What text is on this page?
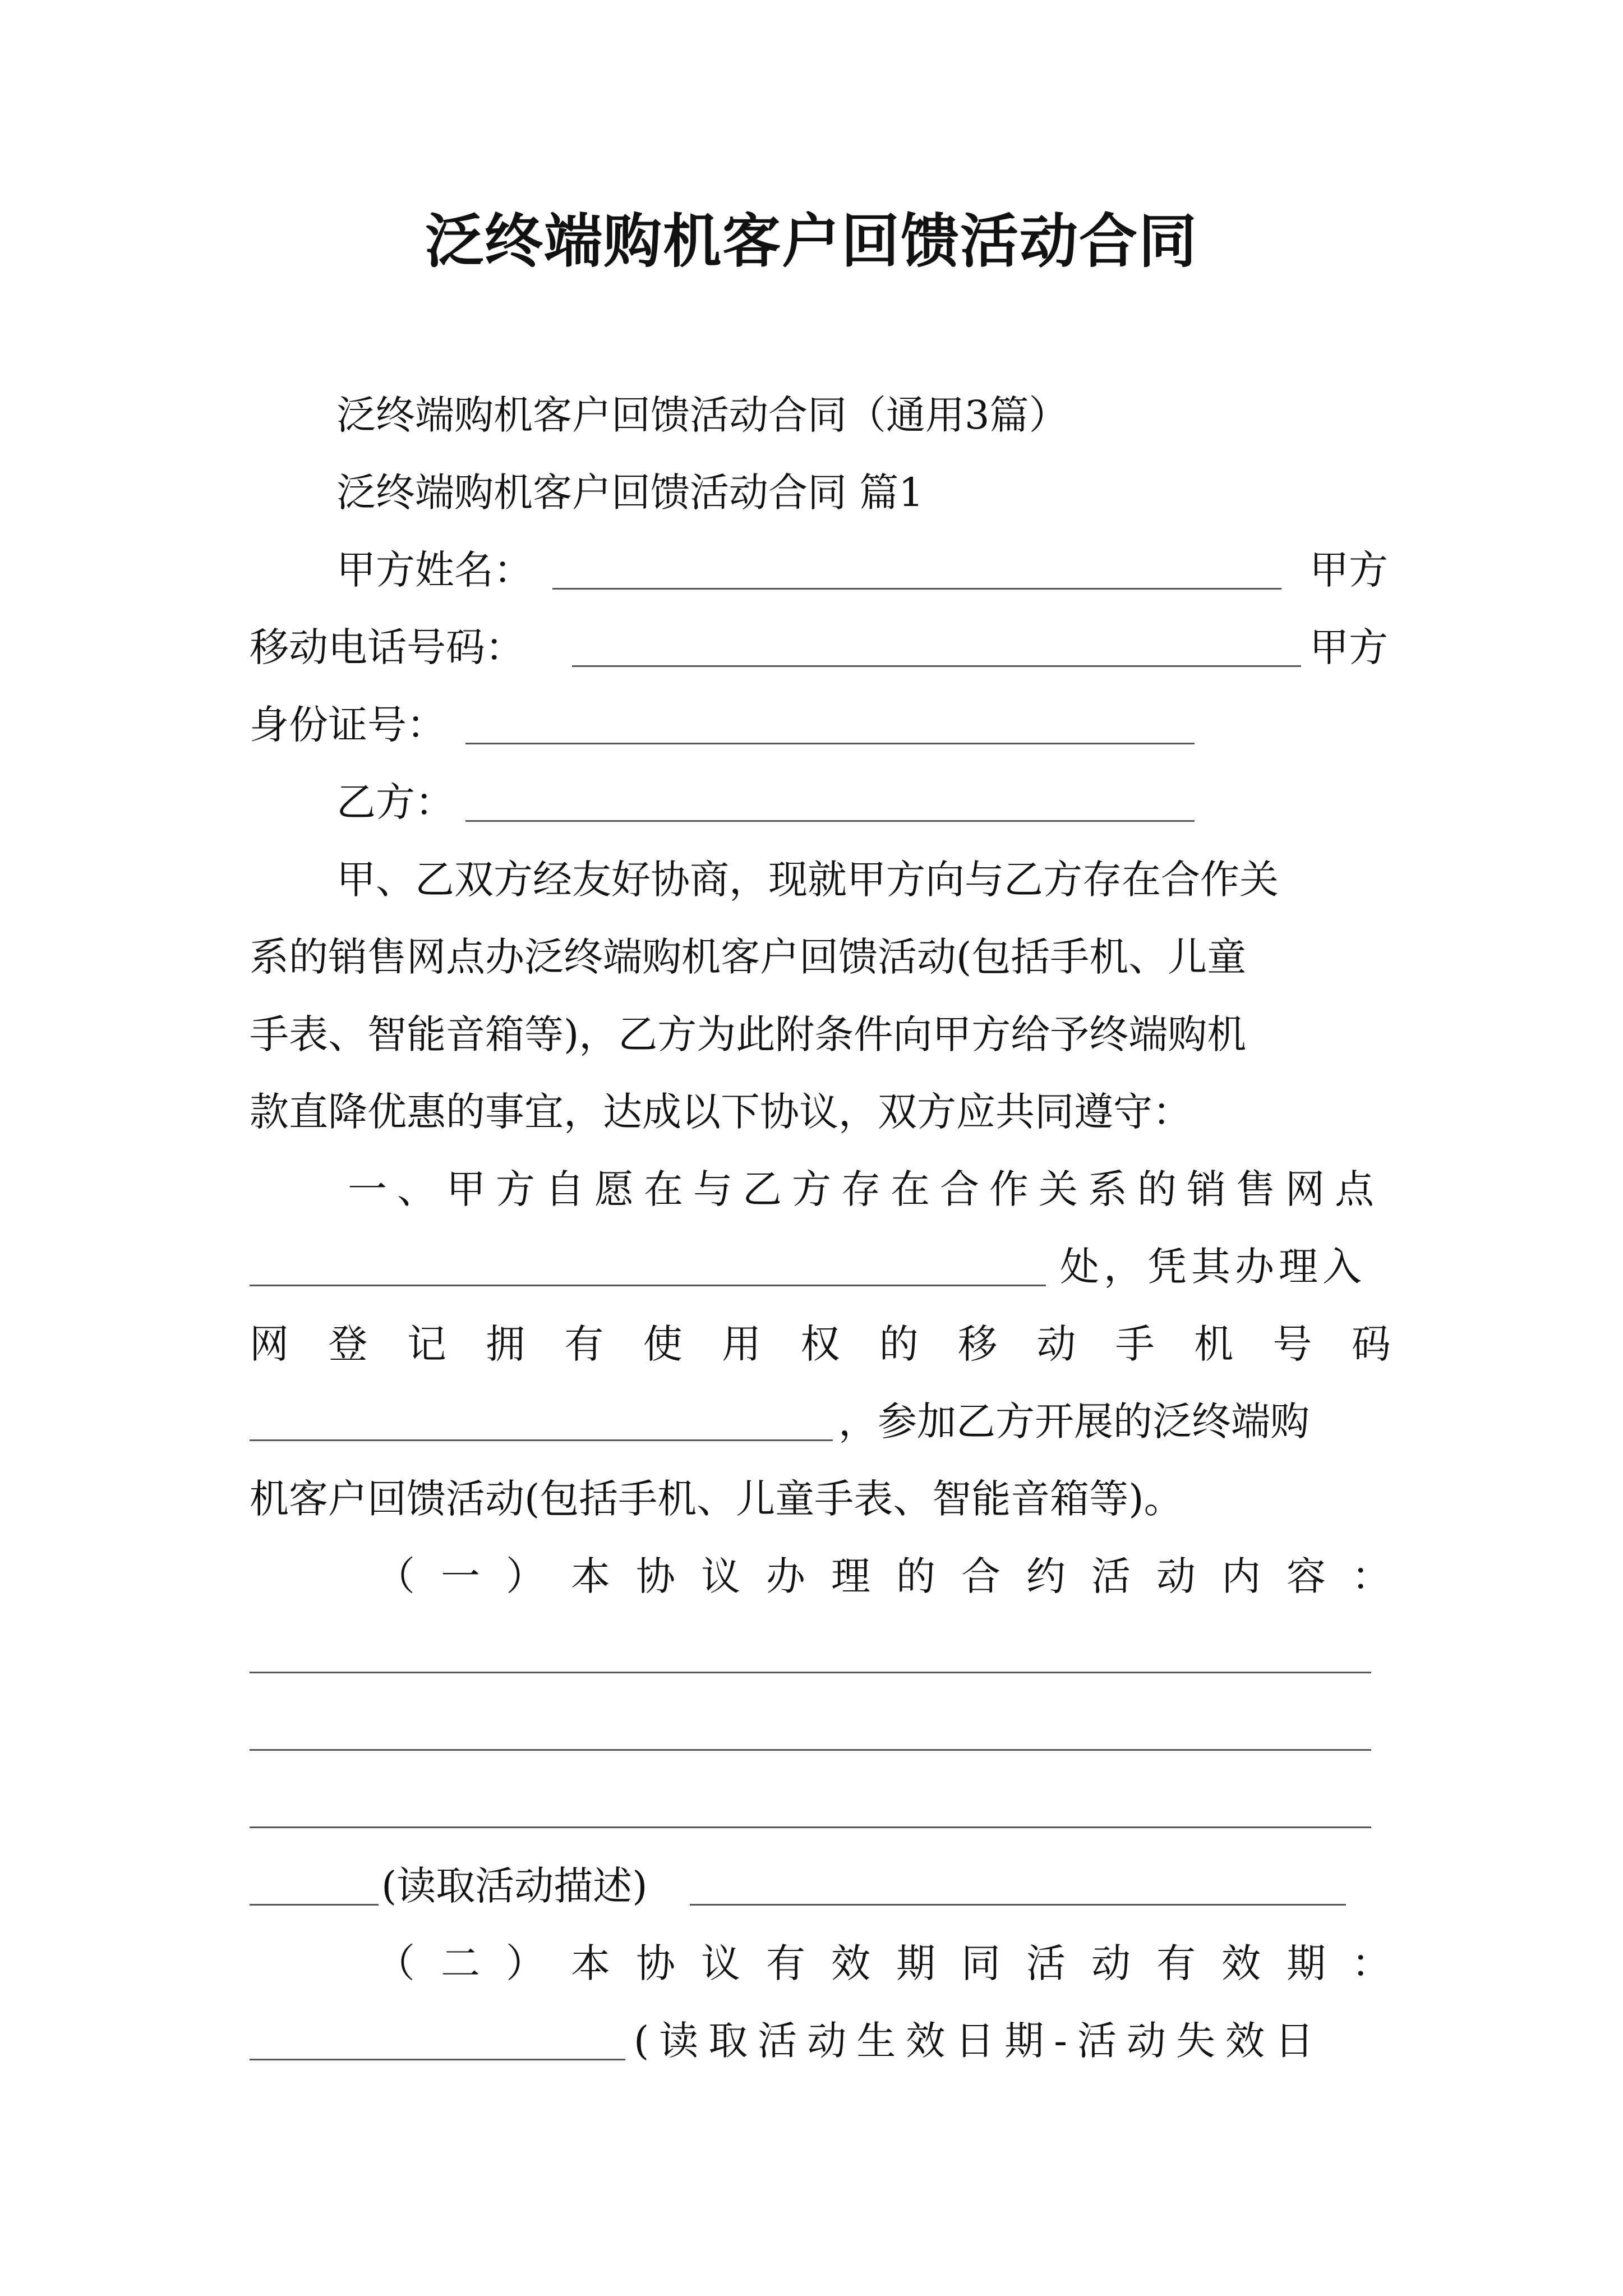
泛终端购机客户回馈活动合同
泛终端购机客户回馈活动合同（通用3篇）
泛终端购机客户回馈活动合同 篇1
甲方姓名：	甲方
移动电话号码：	甲方
身份证号：
乙方：
甲、乙双方经友好协商，现就甲方向与乙方存在合作关
系的销售网点办泛终端购机客户回馈活动(包括手机、儿童
手表、智能音箱等)，乙方为此附条件向甲方给予终端购机
款直降优惠的事宜，达成以下协议，双方应共同遵守：
一、甲方自愿在与乙方存在合作关系的销售网点
处，凭其办理入
网 登 记 拥 有 使 用 权 的 移 动 手 机 号 码
，参加乙方开展的泛终端购
机客户回馈活动(包括手机、儿童手表、智能音箱等)。
（ 一 ） 本 协 议 办 理 的 合 约 活 动 内 容 ：
(读取活动描述)
（ 二 ） 本 协 议 有 效 期 同 活 动 有 效 期 ：
(读取活动生效日期-活动失效日
